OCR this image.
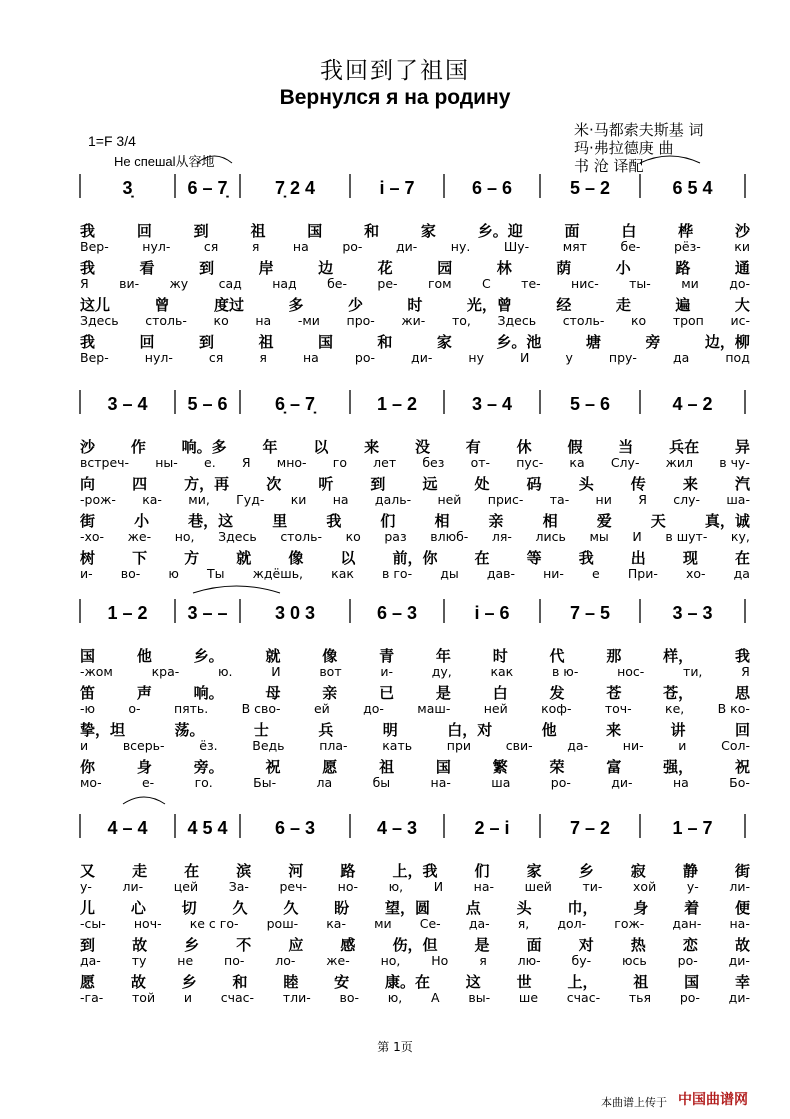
我回到了祖国
Вернулся я на родину
米·马都索夫斯基 词
玛·弗拉德庚 曲
书 沧 译配
1=F 3/4
Не спешаl从容地
3̣	6 – 7̣	7̣ 2 4	i – 7	6 – 6	5 – 2	6 5 4
3 – 4 5 – 6	6̣ – 7̣	1 – 2	3 – 4	5 – 6	4 – 2
1 – 2 3 – –	3 0 3	6 – 3	i – 6	7 – 5	3 – 3
4 – 4 4 5 4	6 – 3	4 – 3	2 – i	7 – 2	1 – 7
我	回	到	祖	国	和	家	乡。迎	面	白	桦	沙
Вер-	нул-	ся	я	на	ро-	ди-	ну.	Шу-	мят	бе-	рёз-	ки
我	看	到	岸	边	花	园	林	荫	小	路	通
Я ви- жу сад над бе- ре- гом С те- нис- ты- ми до-
这儿	曾	度过	多	少	时	光，曾	经	走	遍	大
Здесь столь- ко на -ми про- жи- то, Здесь столь- ко троп ис-
我	回	到	祖	国	和	家	乡。池	塘	旁	边，柳
Вер-	нул-	ся	я	на	ро-	ди-	ну	И	у	пру-	да	под
沙 作 响。多 年 以 来 没 有 休 假 当 兵在 异
встреч- ны- е. Я мно- го лет без от- пус- ка Слу- жил в чу-
向 四 方，再 次 听 到 远 处 码 头 传 来 汽
-рож- ка- ми, Гуд- ки на даль- ней прис- та- ни Я слу- ша-
街	小	巷，这	里	我	们	相	亲	相	爱	天	真，诚
-хо- же- но, Здесь столь- ко раз влюб- ля- лись мы И в шут- ку,
树 下 方 就 像 以 前，你 在 等 我 出 现 在
и- во- ю Ты ждёшь, как в го- ды дав- ни- е При- хо- да
国	他	乡。	就	像	青	年	时	代	那	样，	我
-жом	кра-	ю.	И	вот	и-	ду,	как	в ю-	нос-	ти,	Я
笛	声	响。	母	亲	已	是	白	发	苍	苍，	思
-ю	о-	пять.	В сво-	ей	до-	маш-	ней	коф-	точ-	ке,	В ко-
挚，坦	荡。	士	兵	明	白，对	他	来	讲	回
и	всерь-	ёз.	Ведь	пла-	кать	при	сви-	да-	ни-	и	Сол-
你	身	旁。	祝	愿	祖	国	繁	荣	富	强，	祝
мо-	е-	го.	Бы-	ла	бы	на-	ша	ро-	ди-	на	Бо-
又 走 在 滨 河 路 上，我 们 家 乡 寂 静 街
у- ли- цей За- реч- но- ю, И на- шей ти- хой у- ли-
儿 心 切 久 久 盼 望，圆 点 头 巾， 身 着 便
-сы- ноч- ке с го- рош- ка- ми Се- да- я, дол- гож- дан- на-
到 故 乡 不 应 感 伤，但 是 面 对 热 恋 故
да- ту не по- ло- же- но, Но я лю- бу- юсь ро- ди-
愿 故 乡 和 睦 安 康。在 这 世 上， 祖 国 幸
-га- той и счас- тли- во- ю, А вы- ше счас- тья ро- ди-
第 1页
本曲谱上传于 中国曲谱网
